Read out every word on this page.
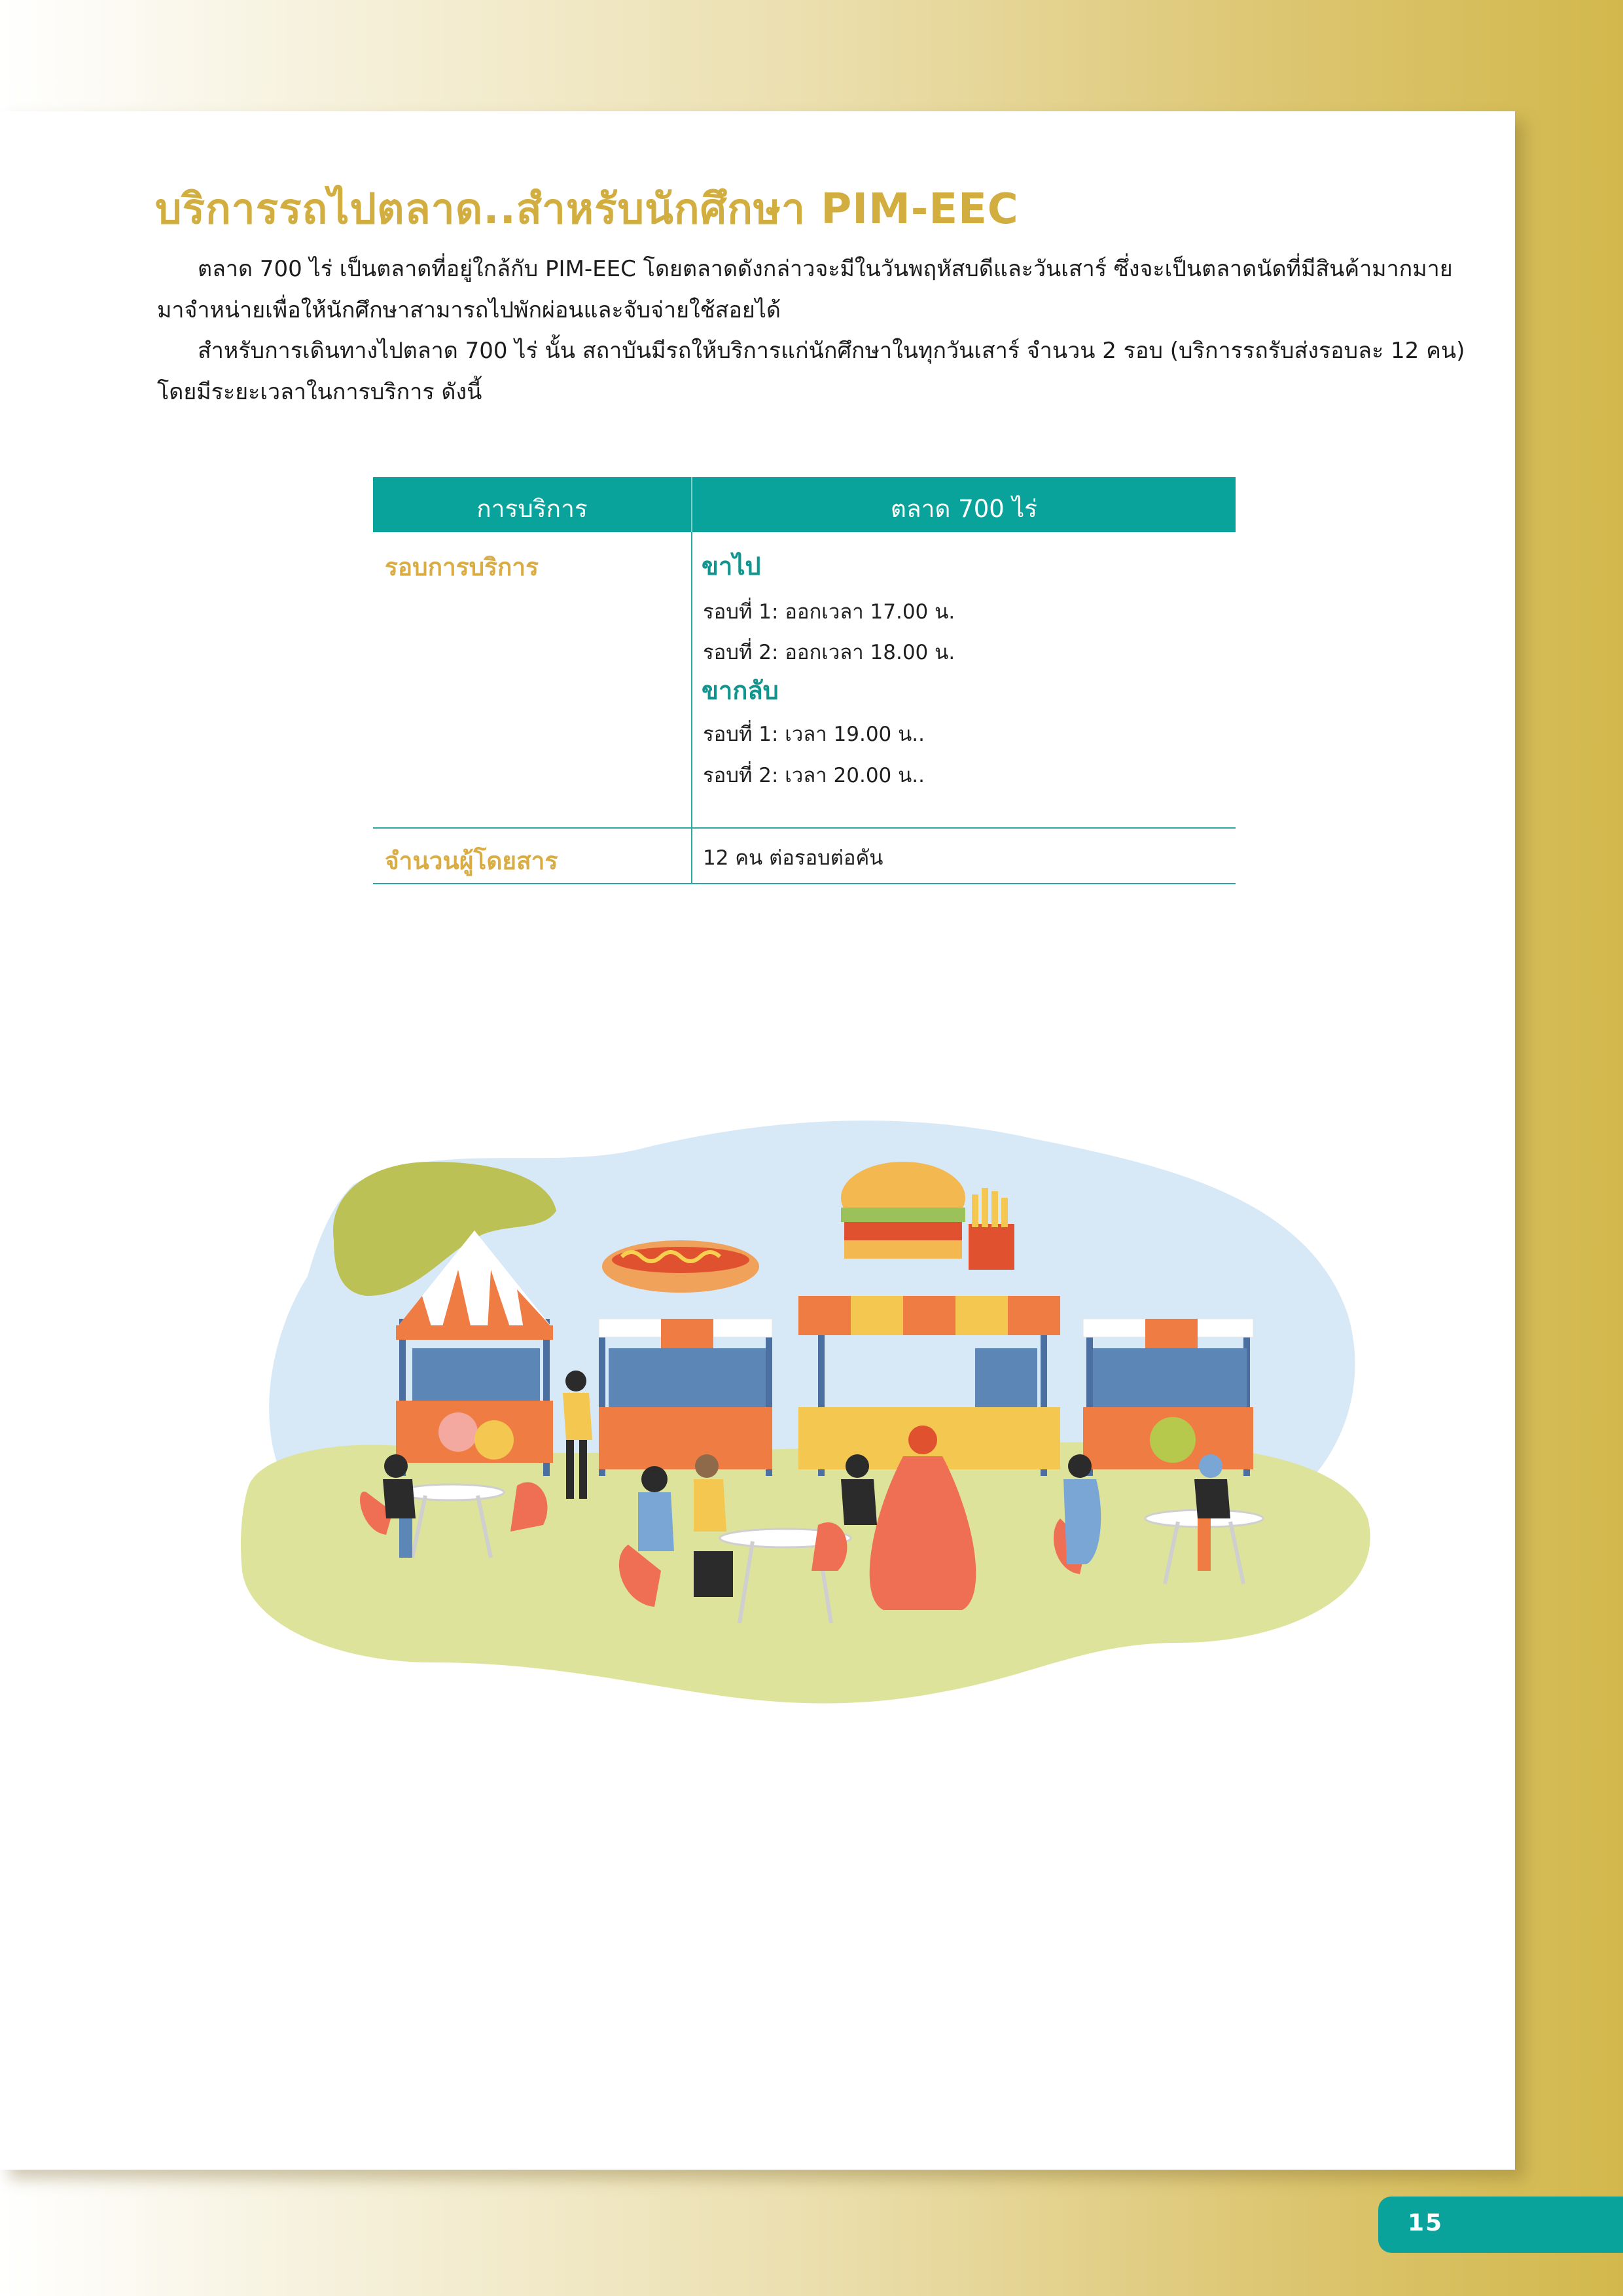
บริการรถไปตลาด..สำหรับนักศึกษา PIM-EEC

ตลาด 700 ไร่ เป็นตลาดที่อยู่ใกล้กับ PIM-EEC โดยตลาดดังกล่าวจะมีในวันพฤหัสบดีและวันเสาร์ ซึ่งจะเป็นตลาดนัดที่มีสินค้ามากมายมาจำหน่ายเพื่อให้นักศึกษาสามารถไปพักผ่อนและจับจ่ายใช้สอยได้

สำหรับการเดินทางไปตลาด 700 ไร่ นั้น สถาบันมีรถให้บริการแก่นักศึกษาในทุกวันเสาร์ จำนวน 2 รอบ (บริการรถรับส่งรอบละ 12 คน) โดยมีระยะเวลาในการบริการ ดังนี้

การบริการ	ตลาด 700 ไร่
รอบการบริการ	ขาไป
รอบที่ 1: ออกเวลา 17.00 น.
รอบที่ 2: ออกเวลา 18.00 น.
ขากลับ
รอบที่ 1: เวลา 19.00 น..
รอบที่ 2: เวลา 20.00 น..
จำนวนผู้โดยสาร	12 คน ต่อรอบต่อคัน
15
